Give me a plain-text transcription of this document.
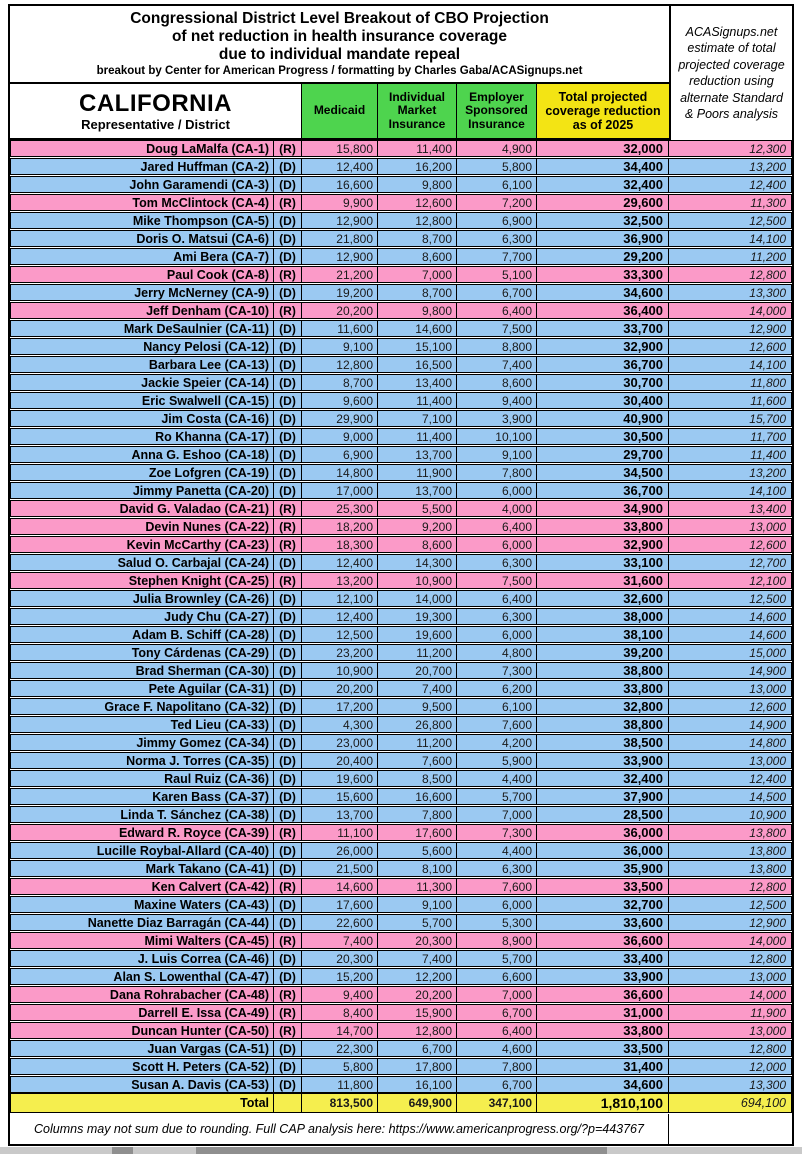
Congressional District Level Breakout of CBO Projection
of net reduction in health insurance coverage
due to individual mandate repeal
breakout by Center for American Progress / formatting by Charles Gaba/ACASignups.net
CALIFORNIA
Representative / District
Medicaid
Individual Market Insurance
Employer Sponsored Insurance
Total projected coverage reduction as of 2025
ACASignups.net estimate of total projected coverage reduction using alternate Standard & Poors analysis
Doug LaMalfa (CA-1) (R)	15,800	11,400	4,900	32,000	12,300
Jared Huffman (CA-2) (D)	12,400	16,200	5,800	34,400	13,200
John Garamendi (CA-3) (D)	16,600	9,800	6,100	32,400	12,400
Tom McClintock (CA-4) (R)	9,900	12,600	7,200	29,600	11,300
Mike Thompson (CA-5) (D)	12,900	12,800	6,900	32,500	12,500
Doris O. Matsui (CA-6) (D)	21,800	8,700	6,300	36,900	14,100
Ami Bera (CA-7) (D)	12,900	8,600	7,700	29,200	11,200
Paul Cook (CA-8) (R)	21,200	7,000	5,100	33,300	12,800
Jerry McNerney (CA-9) (D)	19,200	8,700	6,700	34,600	13,300
Jeff Denham (CA-10) (R)	20,200	9,800	6,400	36,400	14,000
Mark DeSaulnier (CA-11) (D)	11,600	14,600	7,500	33,700	12,900
Nancy Pelosi (CA-12) (D)	9,100	15,100	8,800	32,900	12,600
Barbara Lee (CA-13) (D)	12,800	16,500	7,400	36,700	14,100
Jackie Speier (CA-14) (D)	8,700	13,400	8,600	30,700	11,800
Eric Swalwell (CA-15) (D)	9,600	11,400	9,400	30,400	11,600
Jim Costa (CA-16) (D)	29,900	7,100	3,900	40,900	15,700
Ro Khanna (CA-17) (D)	9,000	11,400	10,100	30,500	11,700
Anna G. Eshoo (CA-18) (D)	6,900	13,700	9,100	29,700	11,400
Zoe Lofgren (CA-19) (D)	14,800	11,900	7,800	34,500	13,200
Jimmy Panetta (CA-20) (D)	17,000	13,700	6,000	36,700	14,100
David G. Valadao (CA-21) (R)	25,300	5,500	4,000	34,900	13,400
Devin Nunes (CA-22) (R)	18,200	9,200	6,400	33,800	13,000
Kevin McCarthy (CA-23) (R)	18,300	8,600	6,000	32,900	12,600
Salud O. Carbajal (CA-24) (D)	12,400	14,300	6,300	33,100	12,700
Stephen Knight (CA-25) (R)	13,200	10,900	7,500	31,600	12,100
Julia Brownley (CA-26) (D)	12,100	14,000	6,400	32,600	12,500
Judy Chu (CA-27) (D)	12,400	19,300	6,300	38,000	14,600
Adam B. Schiff (CA-28) (D)	12,500	19,600	6,000	38,100	14,600
Tony Cárdenas (CA-29) (D)	23,200	11,200	4,800	39,200	15,000
Brad Sherman (CA-30) (D)	10,900	20,700	7,300	38,800	14,900
Pete Aguilar (CA-31) (D)	20,200	7,400	6,200	33,800	13,000
Grace F. Napolitano (CA-32) (D)	17,200	9,500	6,100	32,800	12,600
Ted Lieu (CA-33) (D)	4,300	26,800	7,600	38,800	14,900
Jimmy Gomez (CA-34) (D)	23,000	11,200	4,200	38,500	14,800
Norma J. Torres (CA-35) (D)	20,400	7,600	5,900	33,900	13,000
Raul Ruiz (CA-36) (D)	19,600	8,500	4,400	32,400	12,400
Karen Bass (CA-37) (D)	15,600	16,600	5,700	37,900	14,500
Linda T. Sánchez (CA-38) (D)	13,700	7,800	7,000	28,500	10,900
Edward R. Royce (CA-39) (R)	11,100	17,600	7,300	36,000	13,800
Lucille Roybal-Allard (CA-40) (D)	26,000	5,600	4,400	36,000	13,800
Mark Takano (CA-41) (D)	21,500	8,100	6,300	35,900	13,800
Ken Calvert (CA-42) (R)	14,600	11,300	7,600	33,500	12,800
Maxine Waters (CA-43) (D)	17,600	9,100	6,000	32,700	12,500
Nanette Diaz Barragán (CA-44) (D)	22,600	5,700	5,300	33,600	12,900
Mimi Walters (CA-45) (R)	7,400	20,300	8,900	36,600	14,000
J. Luis Correa (CA-46) (D)	20,300	7,400	5,700	33,400	12,800
Alan S. Lowenthal (CA-47) (D)	15,200	12,200	6,600	33,900	13,000
Dana Rohrabacher (CA-48) (R)	9,400	20,200	7,000	36,600	14,000
Darrell E. Issa (CA-49) (R)	8,400	15,900	6,700	31,000	11,900
Duncan Hunter (CA-50) (R)	14,700	12,800	6,400	33,800	13,000
Juan Vargas (CA-51) (D)	22,300	6,700	4,600	33,500	12,800
Scott H. Peters (CA-52) (D)	5,800	17,800	7,800	31,400	12,000
Susan A. Davis (CA-53) (D)	11,800	16,100	6,700	34,600	13,300
Total	813,500	649,900	347,100	1,810,100	694,100
Columns may not sum due to rounding. Full CAP analysis here: https://www.americanprogress.org/?p=443767
